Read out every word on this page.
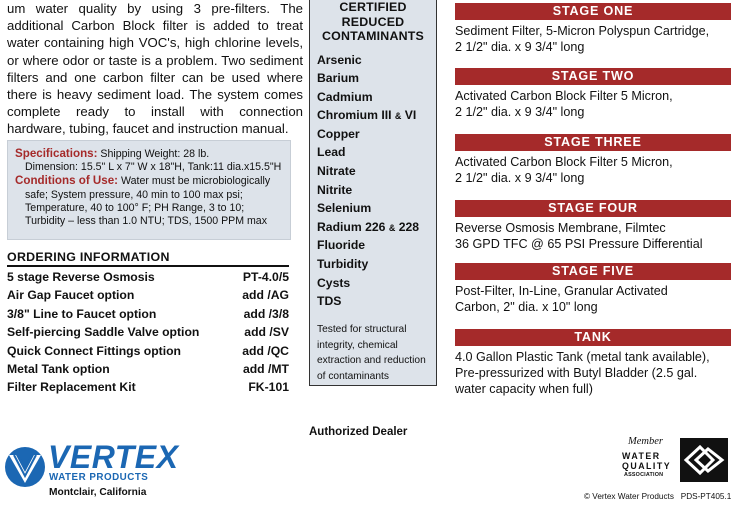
um water quality by using 3 pre-filters. The additional Carbon Block filter is added to treat water containing high VOC's, high chlorine levels, or where odor or taste is a problem. Two sediment filters and one carbon filter can be used where there is heavy sediment load. The system comes complete ready to install with connection hardware, tubing, faucet and instruction manual.

Specifications: Shipping Weight: 28 lb.
Dimension: 15.5" L x 7" W x 18"H, Tank:11 dia.x15.5"H
Conditions of Use: Water must be microbiologically
safe; System pressure, 40 min to 100 max psi;
Temperature, 40 to 100° F; PH Range, 3 to 10;
Turbidity – less than 1.0 NTU; TDS, 1500 PPM max
ORDERING INFORMATION
5 stage Reverse Osmosis	PT-4.0/5
Air Gap Faucet option	add /AG
3/8" Line to Faucet option	add /3/8
Self-piercing Saddle Valve option	add /SV
Quick Connect Fittings option	add /QC
Metal Tank option	add /MT
Filter Replacement Kit	FK-101
CERTIFIED
REDUCED
CONTAMINANTS
Arsenic
Barium
Cadmium
Chromium III & VI
Copper
Lead
Nitrate
Nitrite
Selenium
Radium 226 & 228
Fluoride
Turbidity
Cysts
TDS
Tested for structural integrity, chemical extraction and reduction of contaminants
STAGE ONE
Sediment Filter, 5-Micron Polyspun Cartridge,
2 1/2" dia. x 9 3/4" long
STAGE TWO
Activated Carbon Block Filter 5 Micron,
2 1/2" dia. x 9 3/4" long
STAGE THREE
Activated Carbon Block Filter 5 Micron,
2 1/2" dia. x 9 3/4" long
STAGE FOUR
Reverse Osmosis Membrane, Filmtec
36 GPD TFC @ 65 PSI Pressure Differential
STAGE FIVE
Post-Filter, In-Line, Granular Activated
Carbon, 2" dia. x 10" long
TANK
4.0 Gallon Plastic Tank (metal tank available),
Pre-pressurized with Butyl Bladder (2.5 gal.
water capacity when full)
Authorized Dealer
VERTEX
WATER PRODUCTS
Montclair, California
Member
WATER
QUALITY
ASSOCIATION
© Vertex Water Products PDS-PT405.1
